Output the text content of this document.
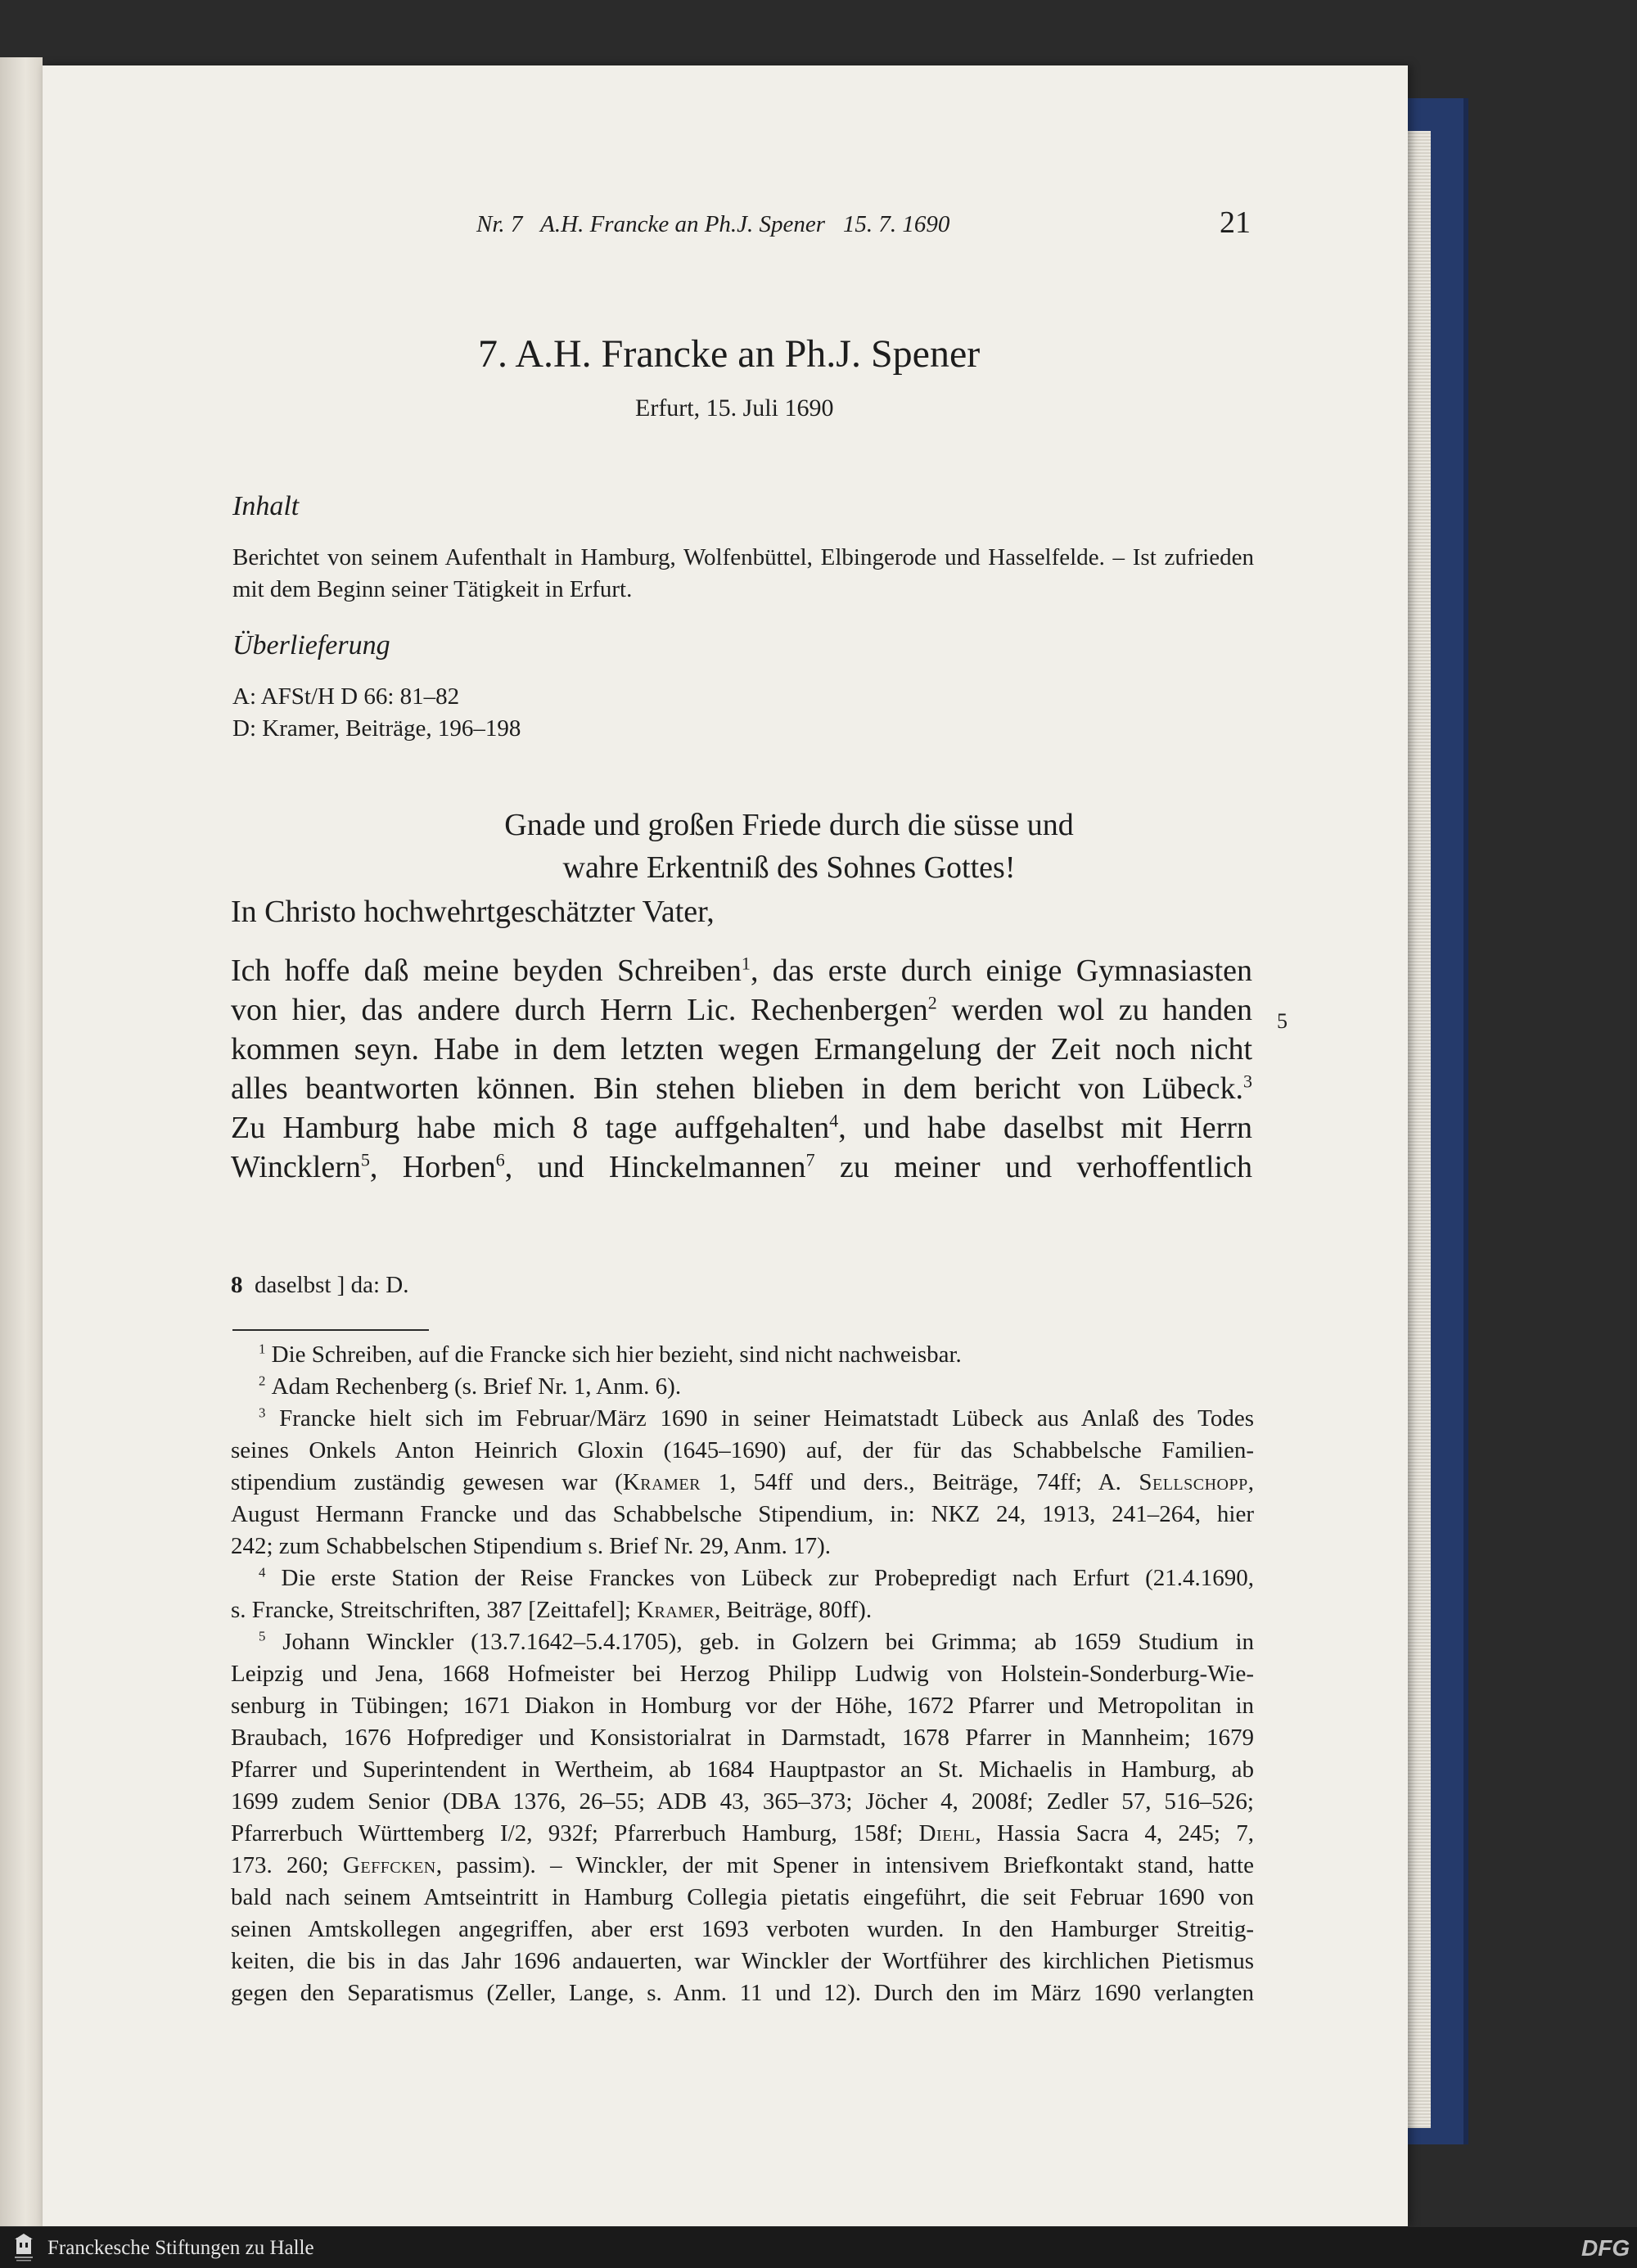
Nr. 7 A.H. Francke an Ph.J. Spener 15. 7. 1690	21

7. A.H. Francke an Ph.J. Spener

Erfurt, 15. Juli 1690

Inhalt

Berichtet von seinem Aufenthalt in Hamburg, Wolfenbüttel, Elbingerode und Hasselfelde. – Ist zufrieden mit dem Beginn seiner Tätigkeit in Erfurt.

Überlieferung

A: AFSt/H D 66: 81–82
D: Kramer, Beiträge, 196–198
Gnade und großen Friede durch die süsse und
wahre Erkentniß des Sohnes Gottes!

In Christo hochwehrtgeschätzter Vater,

Ich hoffe daß meine beyden Schreiben$^1$, das erste durch einige Gymnasiasten
von hier, das andere durch Herrn Lic. Rechenbergen$^2$ werden wol zu handen
kommen seyn. Habe in dem letzten wegen Ermangelung der Zeit noch nicht
alles beantworten können. Bin stehen blieben in dem bericht von Lübeck.$^3$
Zu Hamburg habe mich 8 tage auffgehalten$^4$, und habe daselbst mit Herrn
Wincklern$^5$, Horben$^6$, und Hinckelmannen$^7$ zu meiner und verhoffentlich

5

8 daselbst ] da: D.

$^1$ Die Schreiben, auf die Francke sich hier bezieht, sind nicht nachweisbar.
$^2$ Adam Rechenberg (s. Brief Nr. 1, Anm. 6).
$^3$ Francke hielt sich im Februar/März 1690 in seiner Heimatstadt Lübeck aus Anlaß des Todes
seines Onkels Anton Heinrich Gloxin (1645–1690) auf, der für das Schabbelsche Familien-
stipendium zuständig gewesen war (Kramer 1, 54ff und ders., Beiträge, 74ff; A. Sellschopp,
August Hermann Francke und das Schabbelsche Stipendium, in: NKZ 24, 1913, 241–264, hier
242; zum Schabbelschen Stipendium s. Brief Nr. 29, Anm. 17).
$^4$ Die erste Station der Reise Franckes von Lübeck zur Probepredigt nach Erfurt (21.4.1690,
s. Francke, Streitschriften, 387 [Zeittafel]; Kramer, Beiträge, 80ff).
$^5$ Johann Winckler (13.7.1642–5.4.1705), geb. in Golzern bei Grimma; ab 1659 Studium in
Leipzig und Jena, 1668 Hofmeister bei Herzog Philipp Ludwig von Holstein-Sonderburg-Wie-
senburg in Tübingen; 1671 Diakon in Homburg vor der Höhe, 1672 Pfarrer und Metropolitan in
Braubach, 1676 Hofprediger und Konsistorialrat in Darmstadt, 1678 Pfarrer in Mannheim; 1679
Pfarrer und Superintendent in Wertheim, ab 1684 Hauptpastor an St. Michaelis in Hamburg, ab
1699 zudem Senior (DBA 1376, 26–55; ADB 43, 365–373; Jöcher 4, 2008f; Zedler 57, 516–526;
Pfarrerbuch Württemberg I/2, 932f; Pfarrerbuch Hamburg, 158f; Diehl, Hassia Sacra 4, 245; 7,
173. 260; Geffcken, passim). – Winckler, der mit Spener in intensivem Briefkontakt stand, hatte
bald nach seinem Amtseintritt in Hamburg Collegia pietatis eingeführt, die seit Februar 1690 von
seinen Amtskollegen angegriffen, aber erst 1693 verboten wurden. In den Hamburger Streitig-
keiten, die bis in das Jahr 1696 andauerten, war Winckler der Wortführer des kirchlichen Pietismus
gegen den Separatismus (Zeller, Lange, s. Anm. 11 und 12). Durch den im März 1690 verlangten
Franckesche Stiftungen zu Halle	DFG
